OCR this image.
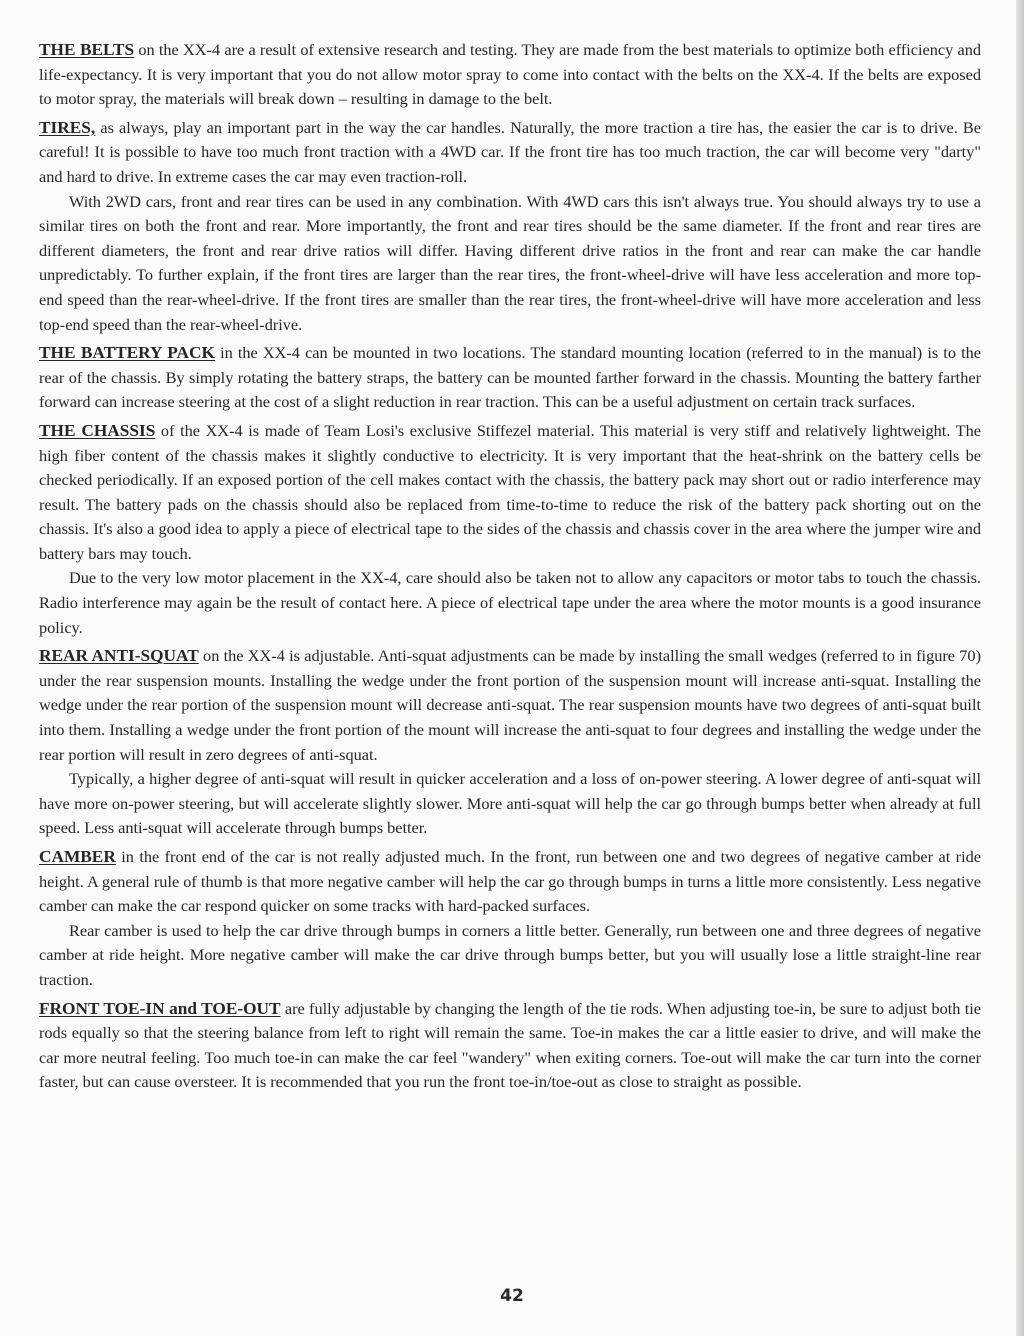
THE BELTS on the XX-4 are a result of extensive research and testing. They are made from the best materials to optimize both efficiency and life-expectancy. It is very important that you do not allow motor spray to come into contact with the belts on the XX-4. If the belts are exposed to motor spray, the materials will break down – resulting in damage to the belt.

TIRES, as always, play an important part in the way the car handles. Naturally, the more traction a tire has, the easier the car is to drive. Be careful! It is possible to have too much front traction with a 4WD car. If the front tire has too much traction, the car will become very "darty" and hard to drive. In extreme cases the car may even traction-roll.

With 2WD cars, front and rear tires can be used in any combination. With 4WD cars this isn't always true. You should always try to use a similar tires on both the front and rear. More importantly, the front and rear tires should be the same diameter. If the front and rear tires are different diameters, the front and rear drive ratios will differ. Having different drive ratios in the front and rear can make the car handle unpredictably. To further explain, if the front tires are larger than the rear tires, the front-wheel-drive will have less acceleration and more top-end speed than the rear-wheel-drive. If the front tires are smaller than the rear tires, the front-wheel-drive will have more acceleration and less top-end speed than the rear-wheel-drive.

THE BATTERY PACK in the XX-4 can be mounted in two locations. The standard mounting location (referred to in the manual) is to the rear of the chassis. By simply rotating the battery straps, the battery can be mounted farther forward in the chassis. Mounting the battery farther forward can increase steering at the cost of a slight reduction in rear traction. This can be a useful adjustment on certain track surfaces.

THE CHASSIS of the XX-4 is made of Team Losi's exclusive Stiffezel material. This material is very stiff and relatively lightweight. The high fiber content of the chassis makes it slightly conductive to electricity. It is very important that the heat-shrink on the battery cells be checked periodically. If an exposed portion of the cell makes contact with the chassis, the battery pack may short out or radio interference may result. The battery pads on the chassis should also be replaced from time-to-time to reduce the risk of the battery pack shorting out on the chassis. It's also a good idea to apply a piece of electrical tape to the sides of the chassis and chassis cover in the area where the jumper wire and battery bars may touch.

Due to the very low motor placement in the XX-4, care should also be taken not to allow any capacitors or motor tabs to touch the chassis. Radio interference may again be the result of contact here. A piece of electrical tape under the area where the motor mounts is a good insurance policy.

REAR ANTI-SQUAT on the XX-4 is adjustable. Anti-squat adjustments can be made by installing the small wedges (referred to in figure 70) under the rear suspension mounts. Installing the wedge under the front portion of the suspension mount will increase anti-squat. Installing the wedge under the rear portion of the suspension mount will decrease anti-squat. The rear suspension mounts have two degrees of anti-squat built into them. Installing a wedge under the front portion of the mount will increase the anti-squat to four degrees and installing the wedge under the rear portion will result in zero degrees of anti-squat.

Typically, a higher degree of anti-squat will result in quicker acceleration and a loss of on-power steering. A lower degree of anti-squat will have more on-power steering, but will accelerate slightly slower. More anti-squat will help the car go through bumps better when already at full speed. Less anti-squat will accelerate through bumps better.

CAMBER in the front end of the car is not really adjusted much. In the front, run between one and two degrees of negative camber at ride height. A general rule of thumb is that more negative camber will help the car go through bumps in turns a little more consistently. Less negative camber can make the car respond quicker on some tracks with hard-packed surfaces.

Rear camber is used to help the car drive through bumps in corners a little better. Generally, run between one and three degrees of negative camber at ride height. More negative camber will make the car drive through bumps better, but you will usually lose a little straight-line rear traction.

FRONT TOE-IN and TOE-OUT are fully adjustable by changing the length of the tie rods. When adjusting toe-in, be sure to adjust both tie rods equally so that the steering balance from left to right will remain the same. Toe-in makes the car a little easier to drive, and will make the car more neutral feeling. Too much toe-in can make the car feel "wandery" when exiting corners. Toe-out will make the car turn into the corner faster, but can cause oversteer. It is recommended that you run the front toe-in/toe-out as close to straight as possible.

42
